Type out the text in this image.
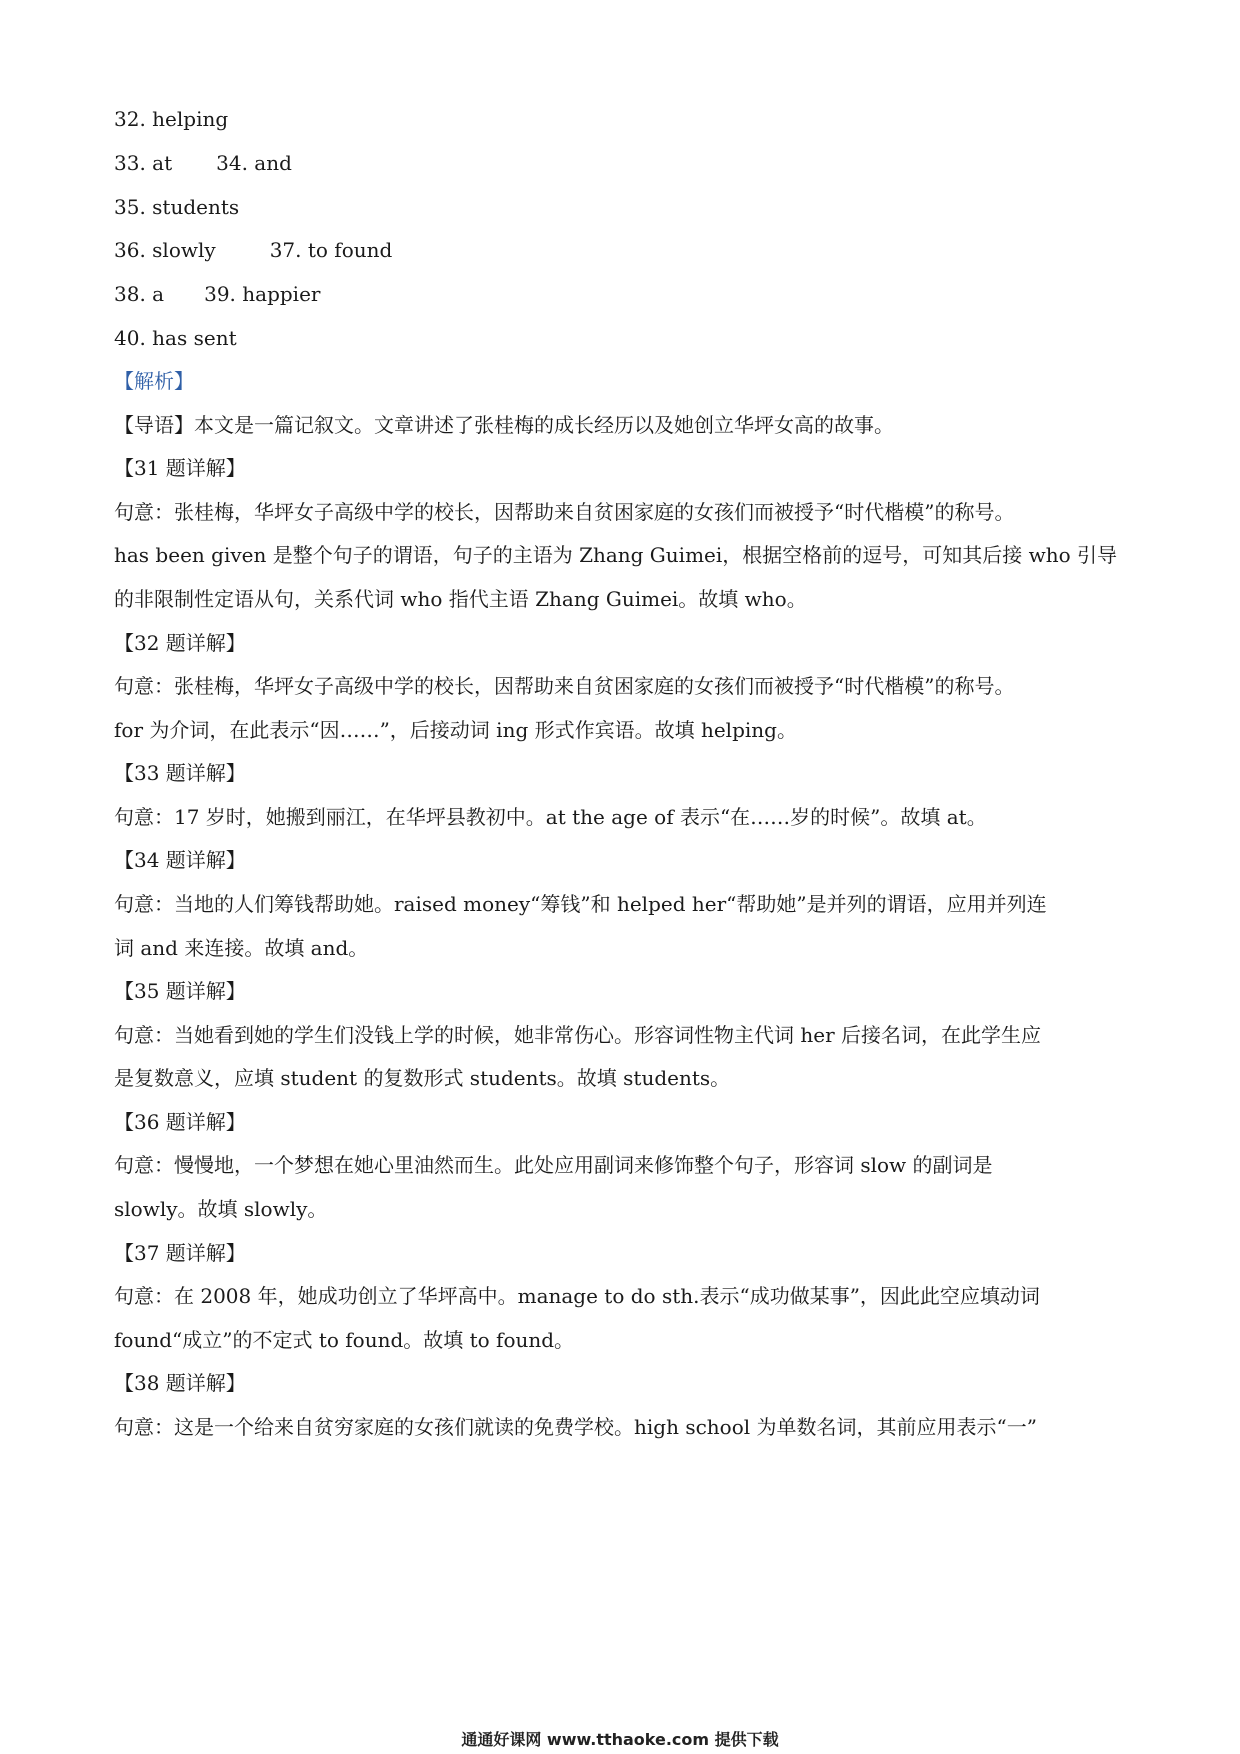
32. helping
33. at 34. and
35. students
36. slowly	37. to found
38. a 39. happier
40. has sent
【解析】
【导语】本文是一篇记叙文。文章讲述了张桂梅的成长经历以及她创立华坪女高的故事。
【31 题详解】
句意：张桂梅，华坪女子高级中学的校长，因帮助来自贫困家庭的女孩们而被授予“时代楷模”的称号。
has been given 是整个句子的谓语，句子的主语为 Zhang Guimei，根据空格前的逗号，可知其后接 who 引导
的非限制性定语从句，关系代词 who 指代主语 Zhang Guimei。故填 who。
【32 题详解】
句意：张桂梅，华坪女子高级中学的校长，因帮助来自贫困家庭的女孩们而被授予“时代楷模”的称号。
for 为介词，在此表示“因……”，后接动词 ing 形式作宾语。故填 helping。
【33 题详解】
句意：17 岁时，她搬到丽江，在华坪县教初中。at the age of 表示“在……岁的时候”。故填 at。
【34 题详解】
句意：当地的人们筹钱帮助她。raised money“筹钱”和 helped her“帮助她”是并列的谓语，应用并列连
词 and 来连接。故填 and。
【35 题详解】
句意：当她看到她的学生们没钱上学的时候，她非常伤心。形容词性物主代词 her 后接名词，在此学生应
是复数意义，应填 student 的复数形式 students。故填 students。
【36 题详解】
句意：慢慢地，一个梦想在她心里油然而生。此处应用副词来修饰整个句子，形容词 slow 的副词是
slowly。故填 slowly。
【37 题详解】
句意：在 2008 年，她成功创立了华坪高中。manage to do sth.表示“成功做某事”，因此此空应填动词
found“成立”的不定式 to found。故填 to found。
【38 题详解】
句意：这是一个给来自贫穷家庭的女孩们就读的免费学校。high school 为单数名词，其前应用表示“一”
通通好课网 www.tthaoke.com 提供下载
